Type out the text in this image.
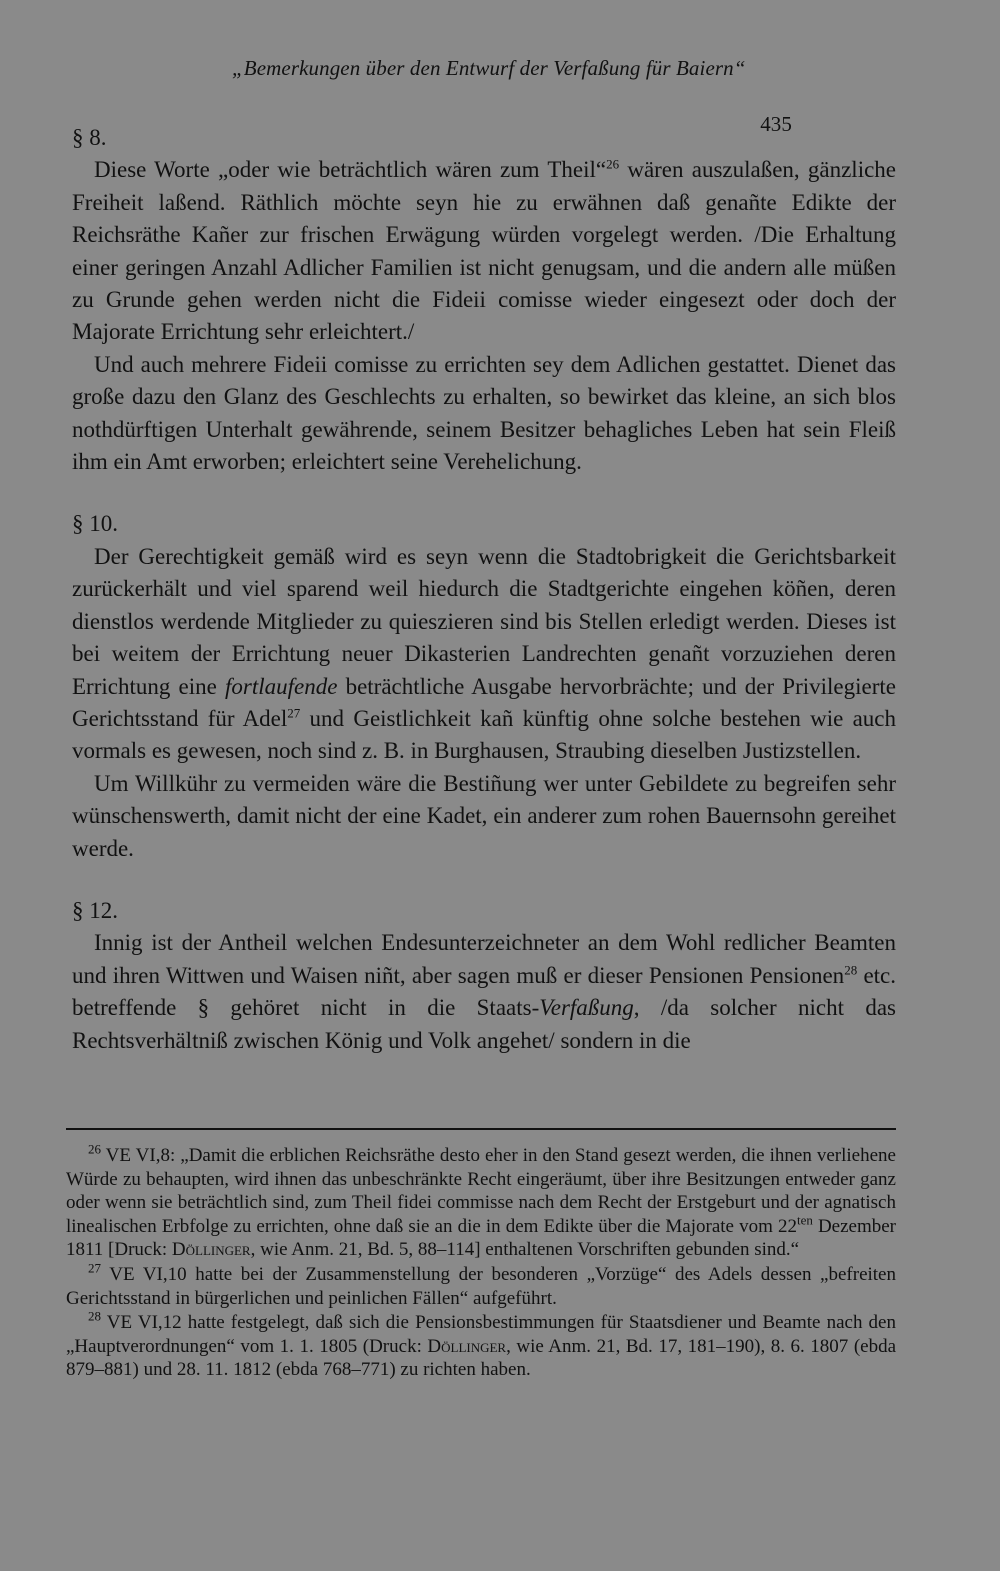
„Bemerkungen über den Entwurf der Verfaßung für Baiern“
435

§ 8.

Diese Worte „oder wie beträchtlich wären zum Theil“$^{26}$ wären auszulaßen, gänzliche Freiheit laßend. Räthlich möchte seyn hie zu erwähnen daß genañte Edikte der Reichsräthe Kañer zur frischen Erwägung würden vorgelegt werden. /Die Erhaltung einer geringen Anzahl Adlicher Familien ist nicht genugsam, und die andern alle müßen zu Grunde gehen werden nicht die Fideii comisse wieder eingesezt oder doch der Majorate Errichtung sehr erleichtert./

Und auch mehrere Fideii comisse zu errichten sey dem Adlichen gestattet. Dienet das große dazu den Glanz des Geschlechts zu erhalten, so bewirket das kleine, an sich blos nothdürftigen Unterhalt gewährende, seinem Besitzer behagliches Leben hat sein Fleiß ihm ein Amt erworben; erleichtert seine Verehelichung.

§ 10.

Der Gerechtigkeit gemäß wird es seyn wenn die Stadtobrigkeit die Gerichtsbarkeit zurückerhält und viel sparend weil hiedurch die Stadtgerichte eingehen köñen, deren dienstlos werdende Mitglieder zu quieszieren sind bis Stellen erledigt werden. Dieses ist bei weitem der Errichtung neuer Dikasterien Landrechten genañt vorzuziehen deren Errichtung eine fortlaufende beträchtliche Ausgabe hervorbrächte; und der Privilegierte Gerichtsstand für Adel$^{27}$ und Geistlichkeit kañ künftig ohne solche bestehen wie auch vormals es gewesen, noch sind z. B. in Burghausen, Straubing dieselben Justizstellen.

Um Willkühr zu vermeiden wäre die Bestiñung wer unter Gebildete zu begreifen sehr wünschenswerth, damit nicht der eine Kadet, ein anderer zum rohen Bauernsohn gereihet werde.

§ 12.

Innig ist der Antheil welchen Endesunterzeichneter an dem Wohl redlicher Beamten und ihren Wittwen und Waisen niñt, aber sagen muß er dieser Pensionen Pensionen$^{28}$ etc. betreffende § gehöret nicht in die Staats-Verfaßung, /da solcher nicht das Rechtsverhältniß zwischen König und Volk angehet/ sondern in die

$^{26}$ VE VI,8: „Damit die erblichen Reichsräthe desto eher in den Stand gesezt werden, die ihnen verliehene Würde zu behaupten, wird ihnen das unbeschränkte Recht eingeräumt, über ihre Besitzungen entweder ganz oder wenn sie beträchtlich sind, zum Theil fidei commisse nach dem Recht der Erstgeburt und der agnatisch linealischen Erbfolge zu errichten, ohne daß sie an die in dem Edikte über die Majorate vom $22^{ten}$ Dezember 1811 [Druck: Döllinger, wie Anm. 21, Bd. 5, 88–114] enthaltenen Vorschriften gebunden sind.“

$^{27}$ VE VI,10 hatte bei der Zusammenstellung der besonderen „Vorzüge“ des Adels dessen „befreiten Gerichtsstand in bürgerlichen und peinlichen Fällen“ aufgeführt.

$^{28}$ VE VI,12 hatte festgelegt, daß sich die Pensionsbestimmungen für Staatsdiener und Beamte nach den „Hauptverordnungen“ vom 1. 1. 1805 (Druck: Döllinger, wie Anm. 21, Bd. 17, 181–190), 8. 6. 1807 (ebda 879–881) und 28. 11. 1812 (ebda 768–771) zu richten haben.
